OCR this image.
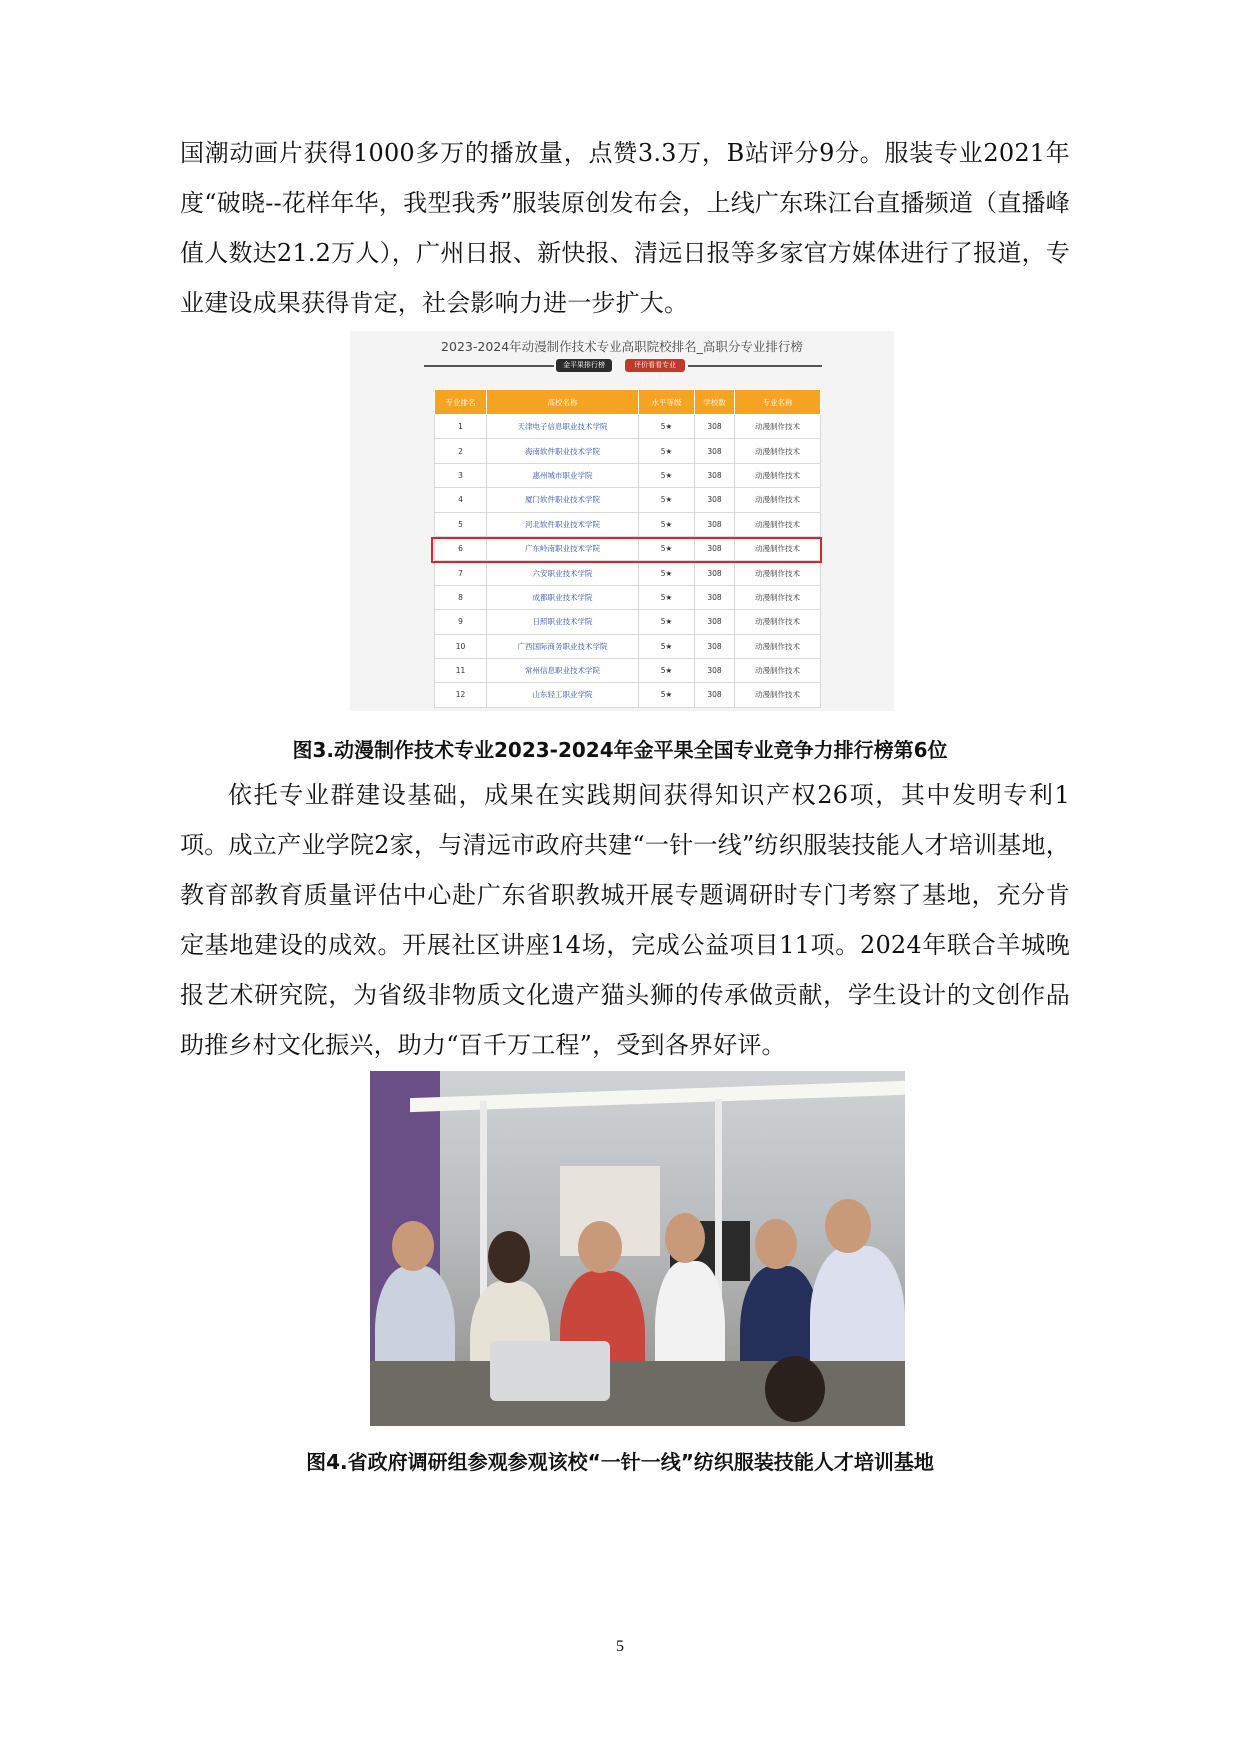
国潮动画片获得1000多万的播放量，点赞3.3万，B站评分9分。服装专业2021年度“破晓--花样年华，我型我秀”服装原创发布会，上线广东珠江台直播频道（直播峰值人数达21.2万人），广州日报、新快报、清远日报等多家官方媒体进行了报道，专业建设成果获得肯定，社会影响力进一步扩大。

2023-2024年动漫制作技术专业高职院校排名_高职分专业排行榜
金平果排行榜	评价看看专业的！！！
专业排名	高校名称	水平等级	学校数	专业名称
1	天津电子信息职业技术学院	5★	308	动漫制作技术
2	海南软件职业技术学院	5★	308	动漫制作技术
3	惠州城市职业学院	5★	308	动漫制作技术
4	厦门软件职业技术学院	5★	308	动漫制作技术
5	河北软件职业技术学院	5★	308	动漫制作技术
6	广东岭南职业技术学院	5★	308	动漫制作技术
7	六安职业技术学院	5★	308	动漫制作技术
8	成都职业技术学院	5★	308	动漫制作技术
9	日照职业技术学院	5★	308	动漫制作技术
10	广西国际商务职业技术学院	5★	308	动漫制作技术
11	常州信息职业技术学院	5★	308	动漫制作技术
12	山东轻工职业学院	5★	308	动漫制作技术

图3.动漫制作技术专业2023-2024年金平果全国专业竞争力排行榜第6位

依托专业群建设基础，成果在实践期间获得知识产权26项，其中发明专利1项。成立产业学院2家，与清远市政府共建“一针一线”纺织服装技能人才培训基地，教育部教育质量评估中心赴广东省职教城开展专题调研时专门考察了基地，充分肯定基地建设的成效。开展社区讲座14场，完成公益项目11项。2024年联合羊城晚报艺术研究院，为省级非物质文化遗产猫头狮的传承做贡献，学生设计的文创作品助推乡村文化振兴，助力“百千万工程”，受到各界好评。

图4.省政府调研组参观参观该校“一针一线”纺织服装技能人才培训基地

5
